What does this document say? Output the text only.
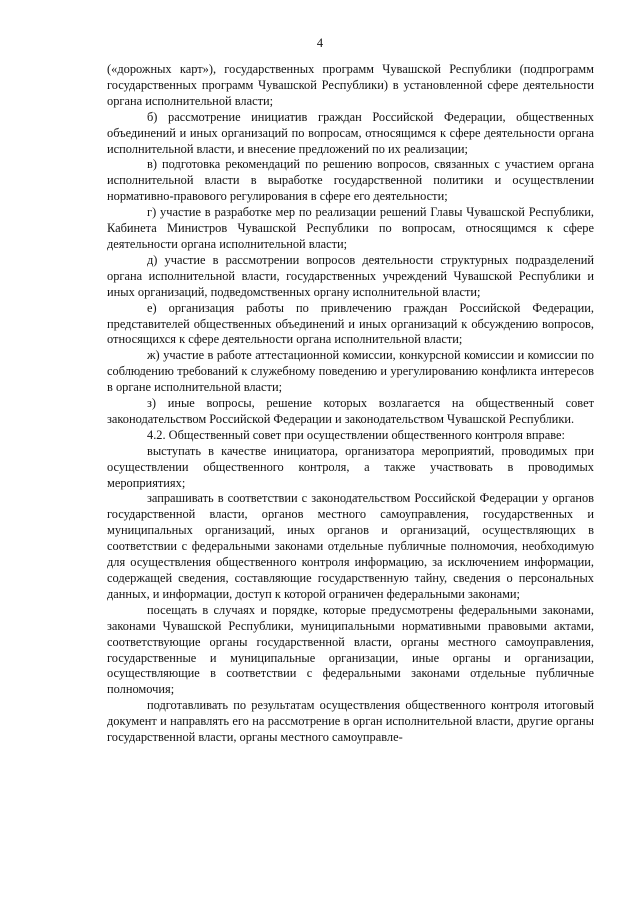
4

(«дорожных карт»), государственных программ Чувашской Республики (подпрограмм государственных программ Чувашской Республики) в установленной сфере деятельности органа исполнительной власти;

б) рассмотрение инициатив граждан Российской Федерации, общественных объединений и иных организаций по вопросам, относящимся к сфере деятельности органа исполнительной власти, и внесение предложений по их реализации;

в) подготовка рекомендаций по решению вопросов, связанных с участием органа исполнительной власти в выработке государственной политики и осуществлении нормативно-правового регулирования в сфере его деятельности;

г) участие в разработке мер по реализации решений Главы Чувашской Республики, Кабинета Министров Чувашской Республики по вопросам, относящимся к сфере деятельности органа исполнительной власти;

д) участие в рассмотрении вопросов деятельности структурных подразделений органа исполнительной власти, государственных учреждений Чувашской Республики и иных организаций, подведомственных органу исполнительной власти;

е) организация работы по привлечению граждан Российской Федерации, представителей общественных объединений и иных организаций к обсуждению вопросов, относящихся к сфере деятельности органа исполнительной власти;

ж) участие в работе аттестационной комиссии, конкурсной комиссии и комиссии по соблюдению требований к служебному поведению и урегулированию конфликта интересов в органе исполнительной власти;

з) иные вопросы, решение которых возлагается на общественный совет законодательством Российской Федерации и законодательством Чувашской Республики.

4.2. Общественный совет при осуществлении общественного контроля вправе:

выступать в качестве инициатора, организатора мероприятий, проводимых при осуществлении общественного контроля, а также участвовать в проводимых мероприятиях;

запрашивать в соответствии с законодательством Российской Федерации у органов государственной власти, органов местного самоуправления, государственных и муниципальных организаций, иных органов и организаций, осуществляющих в соответствии с федеральными законами отдельные публичные полномочия, необходимую для осуществления общественного контроля информацию, за исключением информации, содержащей сведения, составляющие государственную тайну, сведения о персональных данных, и информации, доступ к которой ограничен федеральными законами;

посещать в случаях и порядке, которые предусмотрены федеральными законами, законами Чувашской Республики, муниципальными нормативными правовыми актами, соответствующие органы государственной власти, органы местного самоуправления, государственные и муниципальные организации, иные органы и организации, осуществляющие в соответствии с федеральными законами отдельные публичные полномочия;

подготавливать по результатам осуществления общественного контроля итоговый документ и направлять его на рассмотрение в орган исполнительной власти, другие органы государственной власти, органы местного самоуправле-
